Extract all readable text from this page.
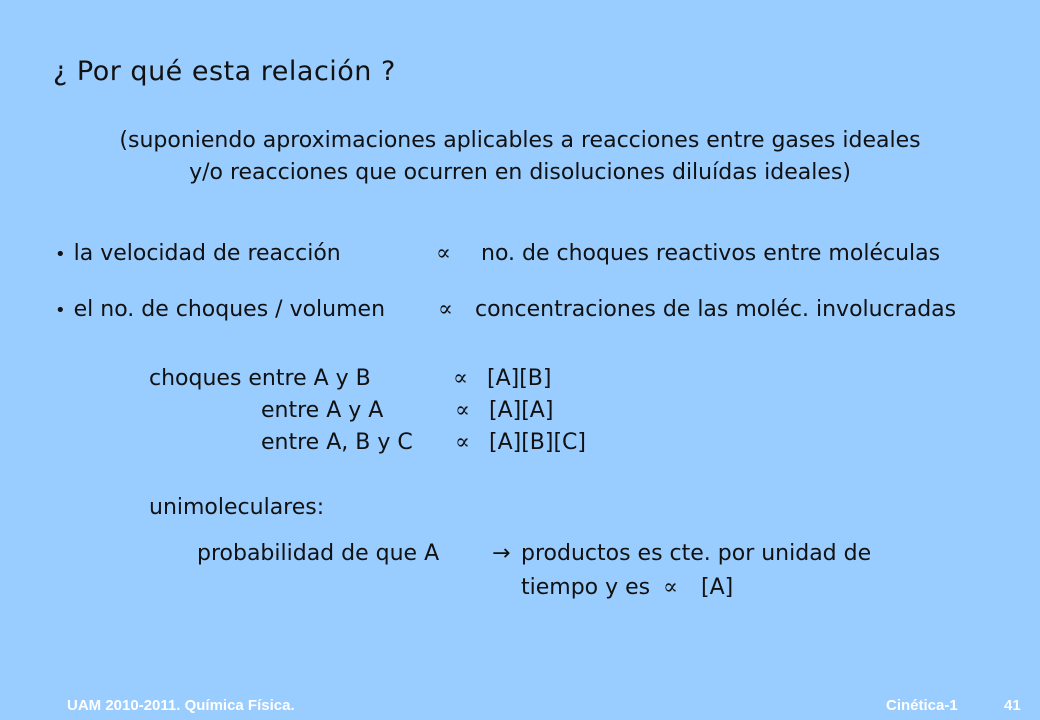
¿ Por qué esta relación ?
(suponiendo aproximaciones aplicables a reacciones entre gases ideales
y/o reacciones que ocurren en disoluciones diluídas ideales)
• la velocidad de reacción	∝ no. de choques reactivos entre moléculas
• el no. de choques / volumen ∝ concentraciones de las moléc. involucradas
choques entre A y B	∝ [A][B]
entre A y A	∝ [A][A]
entre A, B y C ∝ [A][B][C]
unimoleculares:
probabilidad de que A → productos es cte. por unidad de
tiempo y es ∝ [A]
UAM 2010-2011. Química Física.	Cinética-1	41
